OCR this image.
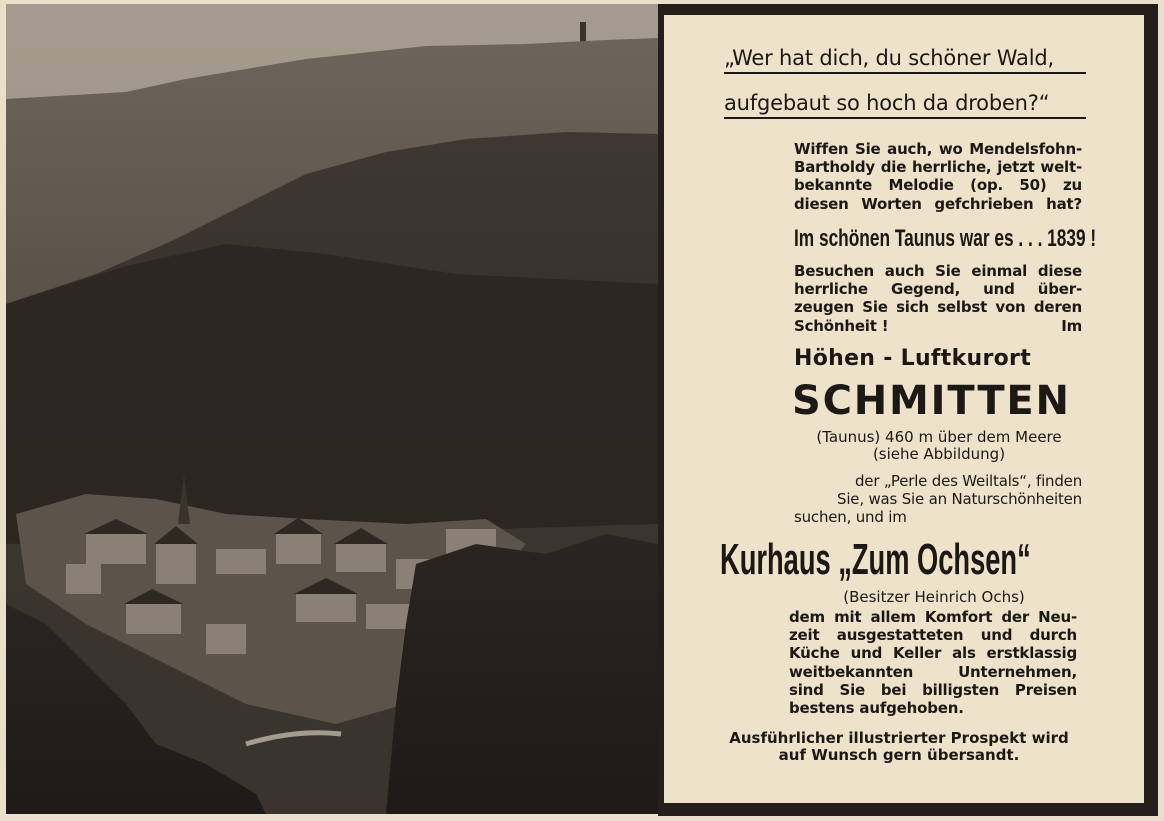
„Wer hat dich, du schöner Wald,

aufgebaut so hoch da droben?“

Wiffen Sie auch, wo Mendelsfohn-
Bartholdy die herrliche, jetzt welt-
bekannte Melodie (op. 50) zu
diesen Worten gefchrieben hat?

Im schönen Taunus war es . . . 1839 !

Besuchen auch Sie einmal diese
herrliche Gegend, und über-
zeugen Sie sich selbst von deren
Schönheit !	Im

Höhen - Luftkurort

SCHMITTEN

(Taunus) 460 m über dem Meere

(siehe Abbildung)

der „Perle des Weiltals“, finden
Sie, was Sie an Naturschönheiten
suchen, und im

Kurhaus „Zum Ochsen“

(Besitzer Heinrich Ochs)

dem mit allem Komfort der Neu-
zeit ausgestatteten und durch
Küche und Keller als erstklassig
weitbekannten Unternehmen,
sind Sie bei billigsten Preisen
bestens aufgehoben.

Ausführlicher illustrierter Prospekt wird

auf Wunsch gern übersandt.
